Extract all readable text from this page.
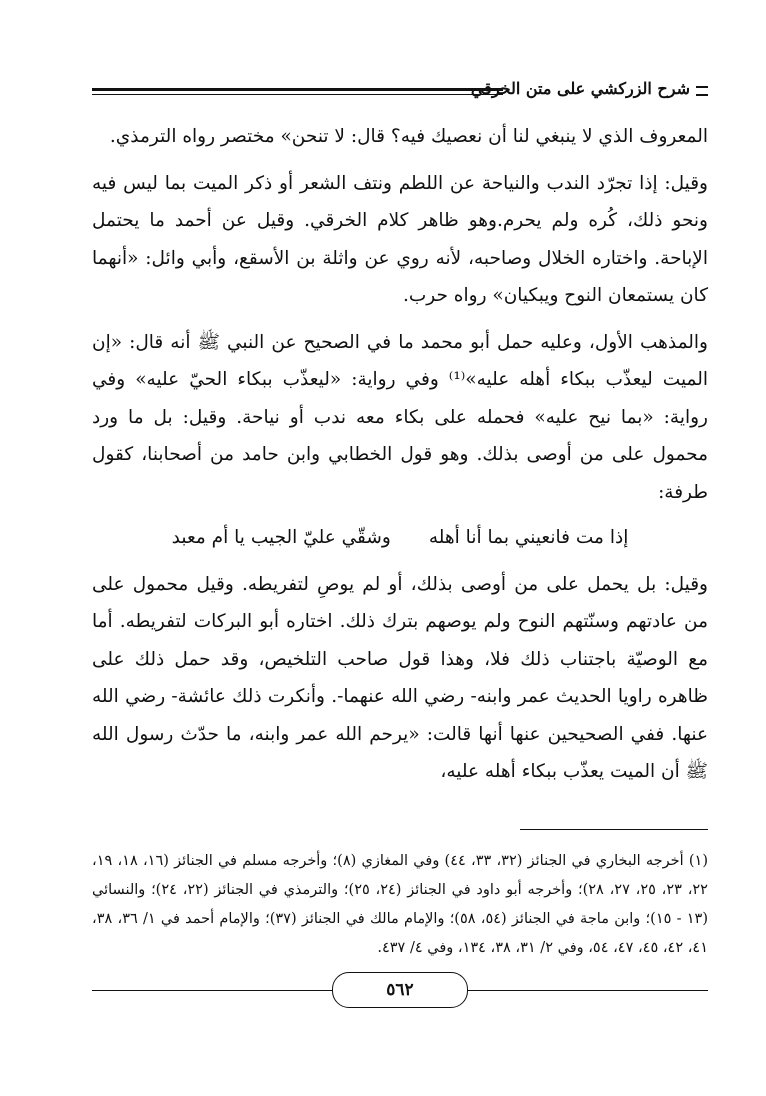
شرح الزركشي على متن الخرقي

المعروف الذي لا ينبغي لنا أن نعصيك فيه؟ قال: لا تنحن» مختصر رواه الترمذي.

وقيل: إذا تجرّد الندب والنياحة عن اللطم ونتف الشعر أو ذكر الميت بما ليس فيه ونحو ذلك، كُره ولم يحرم.وهو ظاهر كلام الخرقي. وقيل عن أحمد ما يحتمل الإباحة. واختاره الخلال وصاحبه، لأنه روي عن واثلة بن الأسقع، وأبي وائل: «أنهما كان يستمعان النوح ويبكيان» رواه حرب.

والمذهب الأول، وعليه حمل أبو محمد ما في الصحيح عن النبي ﷺ أنه قال: «إن الميت ليعذّب ببكاء أهله عليه»⁽¹⁾ وفي رواية: «ليعذّب ببكاء الحيّ عليه» وفي رواية: «بما نيح عليه» فحمله على بكاء معه ندب أو نياحة. وقيل: بل ما ورد محمول على من أوصى بذلك. وهو قول الخطابي وابن حامد من أصحابنا، كقول طرفة:

إذا مت فانعيني بما أنا أهله
وشقّي عليّ الجيب يا أم معبد

وقيل: بل يحمل على من أوصى بذلك، أو لم يوصِ لتفريطه. وقيل محمول على من عادتهم وسنّتهم النوح ولم يوصهم بترك ذلك. اختاره أبو البركات لتفريطه. أما مع الوصيّة باجتناب ذلك فلا، وهذا قول صاحب التلخيص، وقد حمل ذلك على ظاهره راويا الحديث عمر وابنه- رضي الله عنهما-. وأنكرت ذلك عائشة- رضي الله عنها. ففي الصحيحين عنها أنها قالت: «يرحم الله عمر وابنه، ما حدّث رسول الله ﷺ أن الميت يعذّب ببكاء أهله عليه،

(١) أخرجه البخاري في الجنائز (٣٢، ٣٣، ٤٤) وفي المغازي (٨)؛ وأخرجه مسلم في الجنائز (١٦، ١٨، ١٩، ٢٢، ٢٣، ٢٥، ٢٧، ٢٨)؛ وأخرجه أبو داود في الجنائز (٢٤، ٢٥)؛ والترمذي في الجنائز (٢٢، ٢٤)؛ والنسائي (١٣ - ١٥)؛ وابن ماجة في الجنائز (٥٤، ٥٨)؛ والإمام مالك في الجنائز (٣٧)؛ والإمام أحمد في ١/ ٣٦، ٣٨، ٤١، ٤٢، ٤٥، ٤٧، ٥٤، وفي ٢/ ٣١، ٣٨، ١٣٤، وفي ٤/ ٤٣٧.
٥٦٢
